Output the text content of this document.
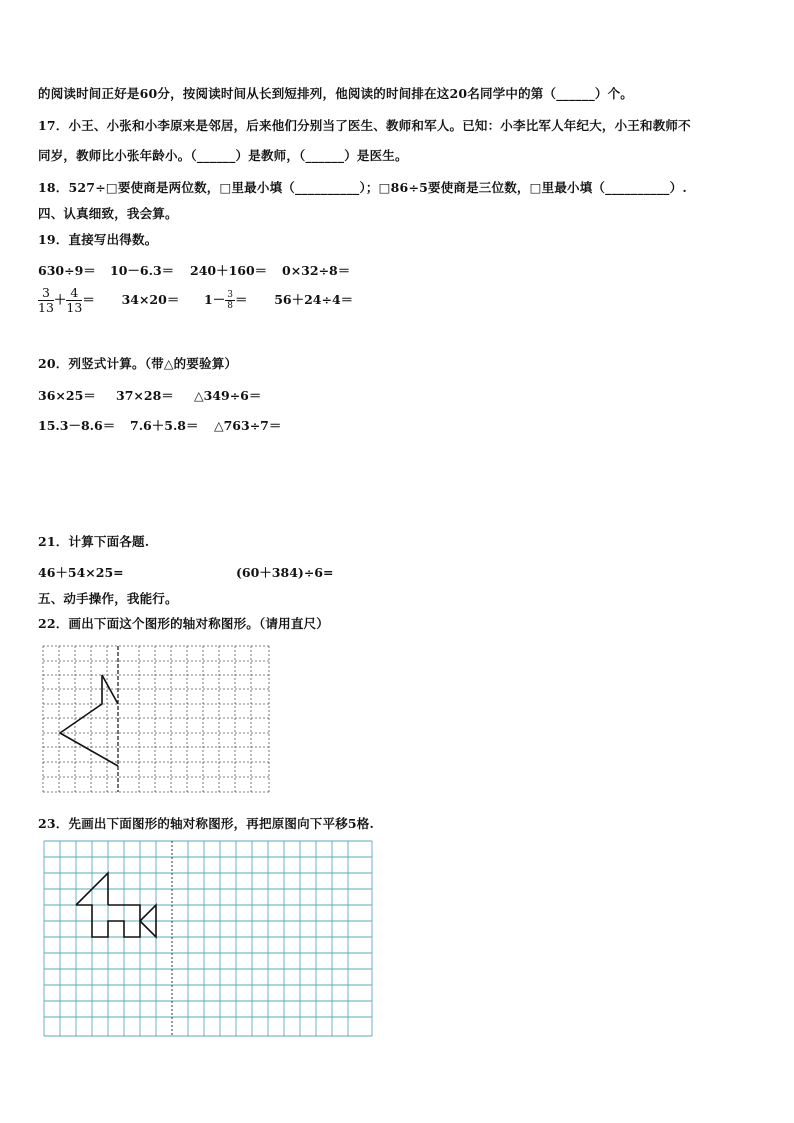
的阅读时间正好是60分，按阅读时间从长到短排列，他阅读的时间排在这20名同学中的第（______）个。
17．小王、小张和小李原来是邻居，后来他们分别当了医生、教师和军人。已知：小李比军人年纪大，小王和教师不
同岁，教师比小张年龄小。（______）是教师，（______）是医生。
18．527÷□要使商是两位数，□里最小填（__________）；□86÷5要使商是三位数，□里最小填（__________）.
四、认真细致，我会算。
19．直接写出得数。
630÷9＝ 10－6.3＝ 240＋160＝ 0×32÷8＝
$\frac{3}{13} + \frac{4}{13} = 34\times 20= 1- \frac{3}{8} = 56+24\div 4=$
20．列竖式计算。（带△的要验算）
36×25＝ 37×28＝ △349÷6＝
15.3－8.6＝ 7.6＋5.8＝ △763÷7＝
21．计算下面各题.
46＋54×25=	(60＋384)÷6=
五、动手操作，我能行。
22．画出下面这个图形的轴对称图形。（请用直尺）
23．先画出下面图形的轴对称图形，再把原图向下平移5格.
